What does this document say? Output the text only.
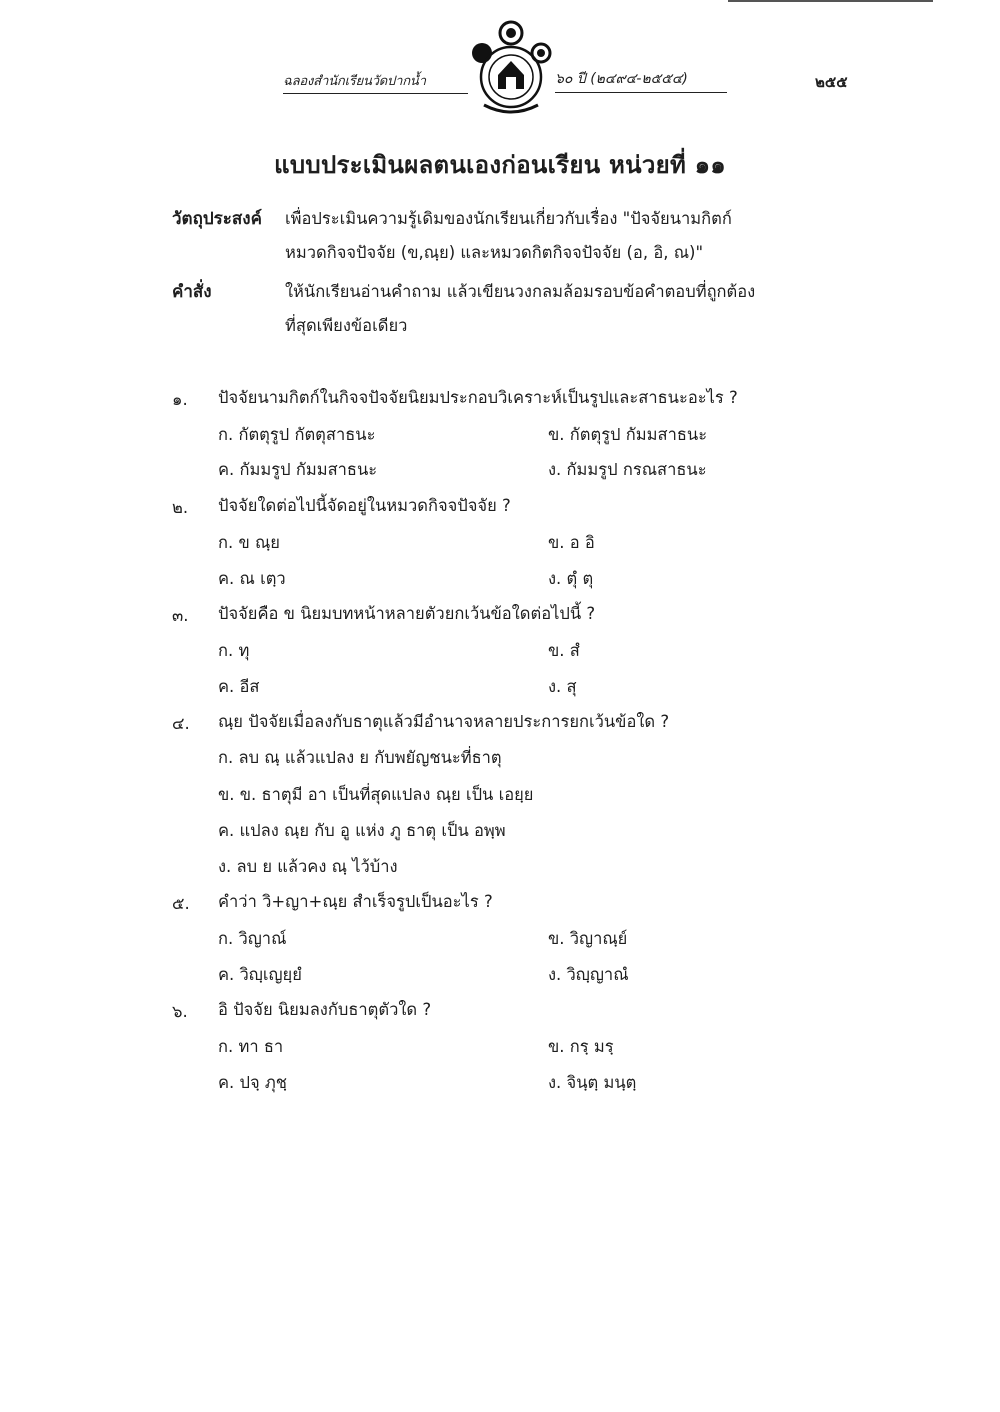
ฉลองสำนักเรียนวัดปากน้ำ	๖๐ ปี (๒๔๙๔-๒๕๕๔)	๒๕๕
แบบประเมินผลตนเองก่อนเรียน หน่วยที่ ๑๑
วัตถุประสงค์ เพื่อประเมินความรู้เดิมของนักเรียนเกี่ยวกับเรื่อง "ปัจจัยนามกิตก์
หมวดกิจจปัจจัย (ข,ณฺย) และหมวดกิตกิจจปัจจัย (อ, อิ, ณ)"
คำสั่ง	ให้นักเรียนอ่านคำถาม แล้วเขียนวงกลมล้อมรอบข้อคำตอบที่ถูกต้อง
ที่สุดเพียงข้อเดียว
๑. ปัจจัยนามกิตก์ในกิจจปัจจัยนิยมประกอบวิเคราะห์เป็นรูปและสาธนะอะไร ?
ก. กัตตุรูป กัตตุสาธนะ	ข. กัตตุรูป กัมมสาธนะ
ค. กัมมรูป กัมมสาธนะ	ง. กัมมรูป กรณสาธนะ
๒. ปัจจัยใดต่อไปนี้จัดอยู่ในหมวดกิจจปัจจัย ?
ก. ข ณฺย	ข. อ อิ
ค. ณ เตฺว	ง. ตุํ ตุ
๓. ปัจจัยคือ ข นิยมบทหน้าหลายตัวยกเว้นข้อใดต่อไปนี้ ?
ก. ทุ	ข. สํ
ค. อีส	ง. สุ
๔. ณฺย ปัจจัยเมื่อลงกับธาตุแล้วมีอำนาจหลายประการยกเว้นข้อใด ?
ก. ลบ ณฺ แล้วแปลง ย กับพยัญชนะที่ธาตุ
ข. ข. ธาตุมี อา เป็นที่สุดแปลง ณฺย เป็น เอยฺย
ค. แปลง ณฺย กับ อู แห่ง ภู ธาตุ เป็น อพฺพ
ง. ลบ ย แล้วคง ณฺ ไว้บ้าง
๕. คำว่า วิ+ญา+ณฺย สำเร็จรูปเป็นอะไร ?
ก. วิญาณ์	ข. วิญาณฺย์
ค. วิญฺเญยฺยํ	ง. วิญฺญาณํ
๖. อิ ปัจจัย นิยมลงกับธาตุตัวใด ?
ก. ทา ธา	ข. กรฺ มรฺ
ค. ปจฺ ภุชฺ	ง. จินฺตฺ มนฺตฺ
